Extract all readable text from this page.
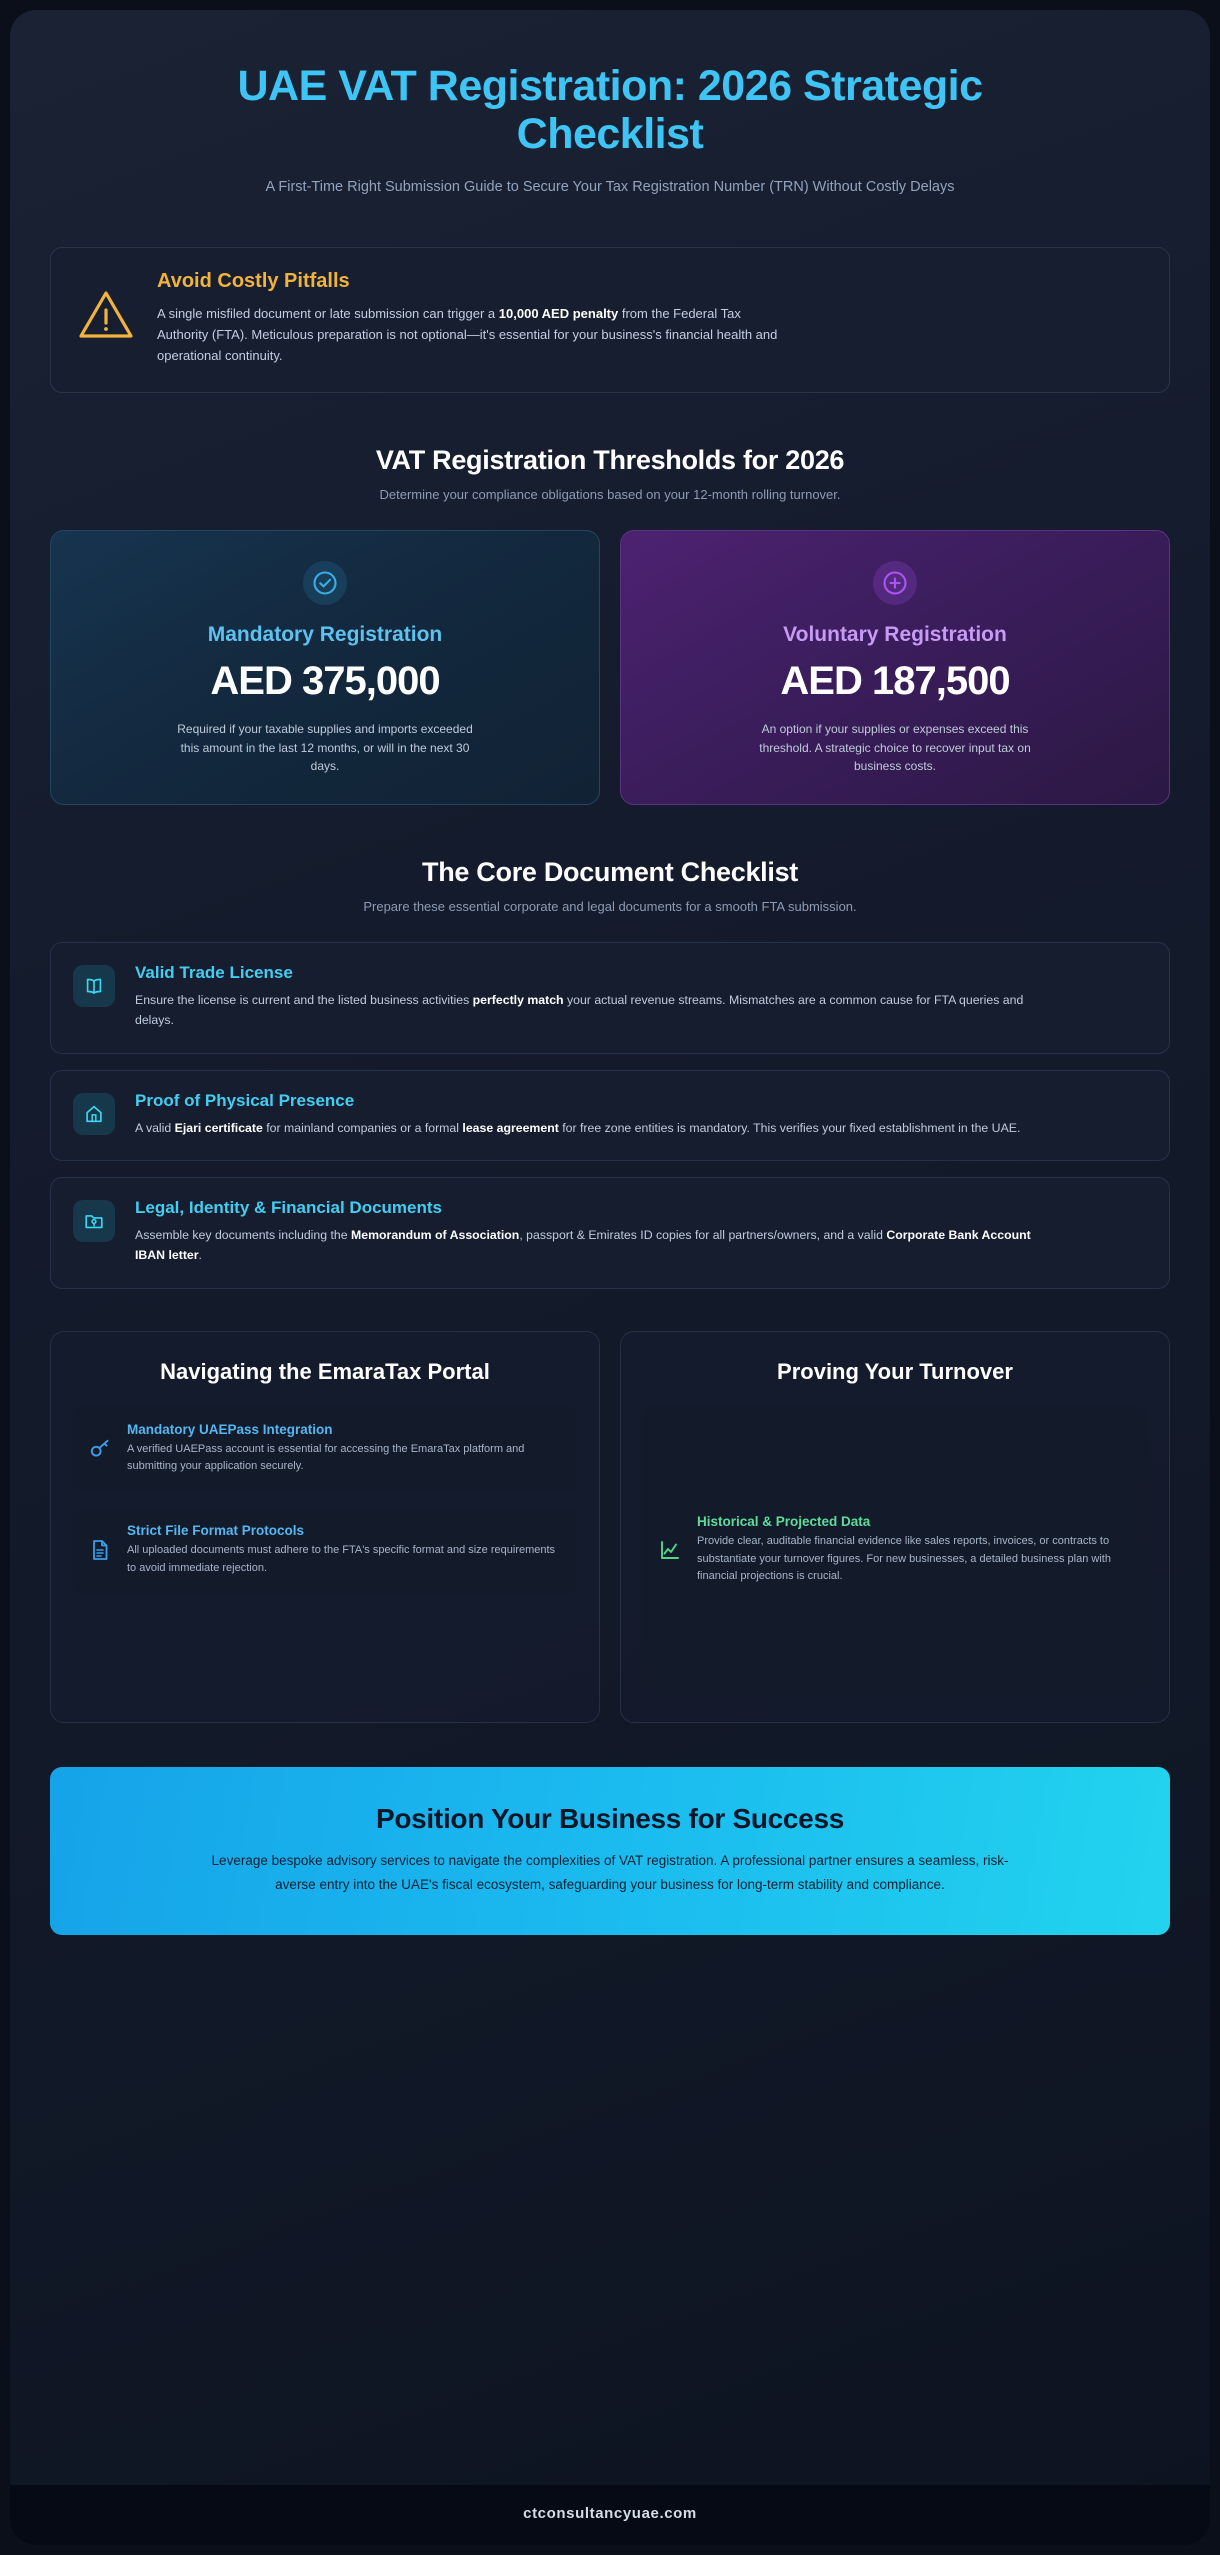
UAE VAT Registration: 2026 Strategic Checklist

A First-Time Right Submission Guide to Secure Your Tax Registration Number (TRN) Without Costly Delays

Avoid Costly Pitfalls

A single misfiled document or late submission can trigger a 10,000 AED penalty from the Federal Tax Authority (FTA). Meticulous preparation is not optional—it's essential for your business's financial health and operational continuity.

VAT Registration Thresholds for 2026

Determine your compliance obligations based on your 12-month rolling turnover.

Mandatory Registration
AED 375,000
Required if your taxable supplies and imports exceeded this amount in the last 12 months, or will in the next 30 days.
Voluntary Registration
AED 187,500
An option if your supplies or expenses exceed this threshold. A strategic choice to recover input tax on business costs.
The Core Document Checklist

Prepare these essential corporate and legal documents for a smooth FTA submission.

Valid Trade License

Ensure the license is current and the listed business activities perfectly match your actual revenue streams. Mismatches are a common cause for FTA queries and delays.

Proof of Physical Presence

A valid Ejari certificate for mainland companies or a formal lease agreement for free zone entities is mandatory. This verifies your fixed establishment in the UAE.

Legal, Identity & Financial Documents

Assemble key documents including the Memorandum of Association, passport & Emirates ID copies for all partners/owners, and a valid Corporate Bank Account IBAN letter.

Navigating the EmaraTax Portal
Mandatory UAEPass Integration

A verified UAEPass account is essential for accessing the EmaraTax platform and submitting your application securely.

Strict File Format Protocols

All uploaded documents must adhere to the FTA's specific format and size requirements to avoid immediate rejection.

Proving Your Turnover
Historical & Projected Data

Provide clear, auditable financial evidence like sales reports, invoices, or contracts to substantiate your turnover figures. For new businesses, a detailed business plan with financial projections is crucial.

Position Your Business for Success

Leverage bespoke advisory services to navigate the complexities of VAT registration. A professional partner ensures a seamless, risk-averse entry into the UAE's fiscal ecosystem, safeguarding your business for long-term stability and compliance.

ctconsultancyuae.com
